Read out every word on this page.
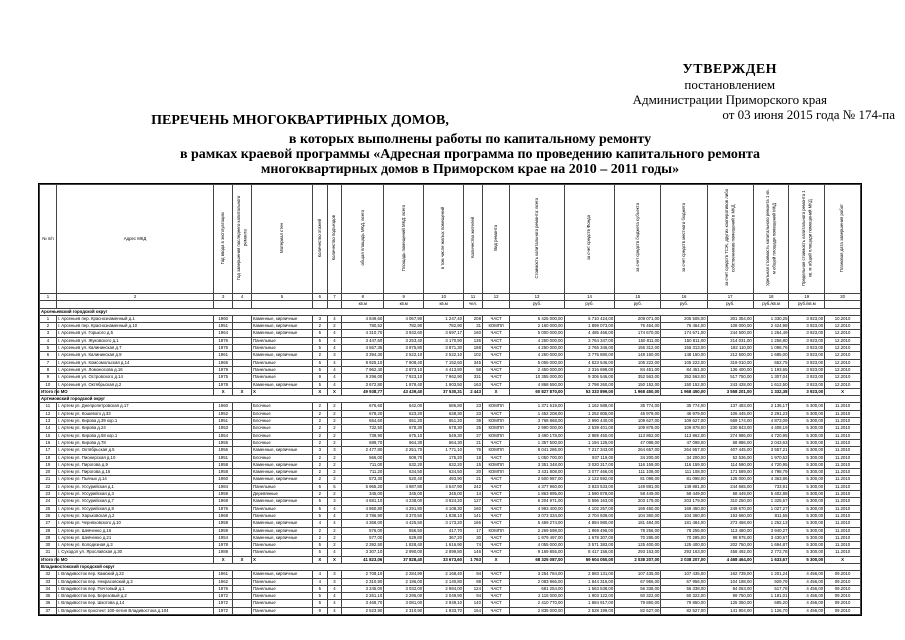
УТВЕРЖДЕН
постановлением
Администрации Приморского края
от 03 июня 2015 года № 174-па
ПЕРЕЧЕНЬ МНОГОКВАРТИРНЫХ ДОМОВ,
в которых выполнены работы по капитальному ремонту
в рамках краевой программы «Адресная программа по проведению капитального ремонта
многоквартирных домов в Приморском крае на 2010 – 2011 годы»
№ п/п	Адрес МКД	Год ввода в эксплуатацию	Год завершения последнего капитального ремонта	Материал стен	Количество этажей	Количество подъездов	общая площадь МКД, всего	Площадь помещений МКД: всего	в том числе жилых помещений	Количество жителей	Вид ремонта	Стоимость капитального ремонта: всего	за счет средств Фонда	за счет средств бюджета субъекта	за счет средств местного бюджета	за счет средств ТСЖ, других кооперативов либо собственников помещений в МКД	Удельная стоимость капитального ремонта 1 кв. м общей площади помещений МКД	Предельная стоимость капитального ремонта 1 кв. м общей площади помещений МКД	Плановая дата завершения работ
1	2	3	4	5	6	7	8	9	10	11	12	13	14	15	16	17	18	19	20
							кв.м	кв.м	кв.м	чел.		руб.	руб.	руб.	руб.	руб.	руб./кв.м	руб./кв.м	
Арсеньевский городской округ																			
1	г. Арсеньев пер. Краснознаменный д.1	1960		Каменные, кирпичные	3	4	4 849,60	4 067,90	1 247,40	208	ЧАСТ	6 425 000,00	5 710 424,00	209 071,00	205 505,00	301 354,00	1 330,25	3 923,00	10.2010
2	г. Арсеньев пер. Краснознаменный д.10	1951		Каменные, кирпичные	2	2	780,52	782,90	782,90	31	КОМПЛ	2 160 000,00	1 899 073,00	76 464,00	76 464,00	108 000,00	2 424,98	3 923,00	12.2010
3	г. Арсеньев ул. Горького д.5	1964		Каменные, кирпичные	5	4	4 310,70	3 932,60	3 697,17	160	ЧАСТ	5 000 000,00	4 485 466,00	174 670,00	174 671,00	244 500,00	1 264,49	3 923,00	12.2010
4	г. Арсеньев ул. Жуковского д.1	1976		Панельные	5	4	3 447,60	3 253,40	3 170,90	136	ЧАСТ	4 250 000,00	3 764 347,00	150 811,00	150 811,00	214 031,00	1 256,80	3 923,00	12.2010
5	г. Арсеньев ул. Калининская д.7	1975		Панельные	5	4	4 557,35	3 875,80	3 871,30	188	ЧАСТ	4 250 000,00	3 765 346,00	155 312,00	155 313,00	182 110,00	1 096,76	3 923,00	12.2010
6	г. Арсеньев ул. Калининская д.9	1961		Каменные, кирпичные	2	3	3 394,30	2 522,10	2 522,10	102	ЧАСТ	4 250 000,00	3 775 880,00	148 150,00	148 150,00	212 500,00	1 685,00	3 923,00	12.2010
7	г. Арсеньев ул. Комсомольская д.14	1966		Панельные	5	4	8 925,10	7 808,40	7 152,60	345	ЧАСТ	5 055 000,00	4 523 546,00	105 222,00	105 222,00	319 010,00	652,75	3 923,00	12.2010
8	г. Арсеньев ул. Ломоносова д.16	1979		Панельные	5	4	7 962,40	2 873,10	4 413,80	58	ЧАСТ	2 450 000,00	2 316 699,00	84 451,00	84 451,00	136 400,00	1 193,65	3 923,00	12.2010
9	г. Арсеньев ул. Островского д.14	1975		Панельные	9	4	9 296,00	7 923,10	7 962,90	331	ЧАСТ	10 355 000,00	9 306 546,00	352 563,00	352 563,00	517 750,00	1 307,04	3 923,00	12.2010
10	г. Арсеньев ул. Октябрьская д.2	1978		Каменные, кирпичные	5	4	3 672,80	1 878,40	1 903,50	163	ЧАСТ	4 868 550,00	2 798 260,00	150 152,00	150 152,00	243 428,00	1 612,50	3 923,00	12.2010
Итого по МО		X	X	X	X	X	49 938,77	43 439,40	37 530,31	2 443	X	60 827 870,00	53 333 899,00	1 968 450,00	1 968 450,00	3 558 201,00	1 332,38	3 923,00	X
Артемовский городской округ																			
11	г. Артем ул. Днепропетровская д.17	1960		Блочные	2	2	676,60	642,00	586,80	23	КОМПЛ	1 371 619,00	1 162 588,00	35 774,00	35 774,00	137 483,00	2 136,17	5 300,00	11.2010
12	г. Артем ул. Кошевого д.33	1952		Блочные	2	2	678,20	623,20	638,30	23	ЧАСТ	1 452 208,00	1 252 805,00	46 979,00	46 979,00	106 445,00	2 291,23	5 300,00	11.2010
13	г. Артем ул. Кирова д.39 кор.1	1951		Блочные	2	2	654,60	651,20	651,20	39	КОМПЛ	3 768 868,00	2 990 440,00	109 627,00	109 627,00	569 174,00	4 873,09	5 300,00	11.2010
14	г. Артем ул. Кирова д.24	1953		Блочные	2	2	732,50	678,30	678,30	25	КОМПЛ	2 990 000,00	2 539 401,00	109 878,00	109 878,00	230 843,00	4 408,19	5 300,00	11.2010
15	г. Артем ул. Кирова д.58 кор.1	1954		Блочные	2	2	739,90	675,10	549,30	27	КОМПЛ	3 490 178,00	2 989 450,00	113 862,00	113 862,00	274 986,00	4 720,95	5 300,00	11.2010
16	г. Артем ул. Кирова д.78	1955		Блочные	2	2	689,70	664,30	664,30	21	ЧАСТ	1 357 500,00	1 194 125,00	47 098,00	47 098,00	68 886,00	2 043,63	5 300,00	11.2010
17	г. Артем ул. Октябрьская д.5	1956		Каменные, кирпичные	3	3	2 477,80	2 251,70	1 771,10	76	КОМПЛ	8 041 286,00	7 217 343,00	264 657,00	264 657,00	407 445,00	3 557,21	5 300,00	11.2010
18	г. Артем ул. Пионерская д.10	1951		Блочные	2	2	566,00	509,70	175,20	18	ЧАСТ	1 050 700,00	937 119,00	34 200,00	34 200,00	52 536,00	1 970,52	5 300,00	11.2010
19	г. Артем ул. Пирогова д.9	1958		Каменные, кирпичные	2	2	711,00	632,20	632,20	15	КОМПЛ	3 351 348,00	3 020 317,00	116 159,00	116 159,00	114 590,00	4 720,95	5 300,00	11.2010
20	г. Артем ул. Пирогова д.16	1958		Каменные, кирпичные	2	2	711,20	634,50	634,50	20	КОМПЛ	3 431 808,00	3 077 466,00	111 108,00	111 108,00	171 589,00	4 798,79	5 300,00	11.2010
21	г. Артем ул. Пьяных д.14	1960		Каменные, кирпичные	2	2	573,30	520,40	493,90	21	ЧАСТ	2 500 987,00	2 122 592,00	81 098,00	81 098,00	125 000,00	4 363,86	5 300,00	11.2010
22	г. Артем ул. Уссурийская д.1	1984		Панельные	5	5	5 965,20	4 987,80	4 547,90	242	ЧАСТ	4 377 960,00	3 833 533,00	149 881,00	149 881,00	244 665,00	733,91	5 300,00	11.2010
23	г. Артем ул. Уссурийская д.3	1959		Деревянные	2	2	345,00	345,00	345,00	14	ЧАСТ	1 863 995,00	1 590 878,00	58 449,00	58 449,00	58 449,00	5 402,88	5 300,00	11.2010
24	г. Артем ул. Уссурийская д.7	1968		Каменные, кирпичные	5	3	4 681,10	4 238,00	3 924,20	127	ЧАСТ	6 204 971,00	5 596 163,00	203 179,00	203 179,00	310 250,00	1 325,57	5 300,00	11.2010
25	г. Артем ул. Уссурийская д.9	1976		Панельные	5	4	4 860,80	4 291,80	4 108,30	160	ЧАСТ	4 993 400,00	4 102 257,00	169 450,00	169 450,00	249 670,00	1 027,27	5 300,00	11.2010
26	г. Артем ул. Харьковская д.2	1968		Панельные	5	4	3 786,90	3 370,50	1 838,10	141	ЧАСТ	3 073 334,00	2 704 939,00	104 360,00	104 360,00	153 660,00	811,55	5 300,00	11.2010
27	г. Артем ул. Черняховского д.10	1958		Каменные, кирпичные	4	4	4 368,00	4 425,50	3 173,20	166	ЧАСТ	5 469 274,00	4 894 980,00	181 484,00	181 484,00	273 468,00	1 252,13	5 300,00	11.2010
28	г. Артем ул. Шевченко д.16	1959		Каменные, кирпичные	2	2	576,00	556,50	417,70	17	КОМПЛ	2 269 598,00	1 969 496,00	78 256,00	78 256,00	113 480,00	3 940,27	5 300,00	11.2010
29	г. Артем ул. Шевченко д.21	1954		Каменные, кирпичные	2	2	577,00	529,80	367,20	30	ЧАСТ	1 979 497,00	1 678 307,00	70 285,00	70 285,00	98 975,00	3 430,67	5 300,00	11.2010
30	г. Артем ул. Колодезная д.3	1978		Панельные	5	2	2 392,50	1 828,40	1 616,90	74	ЧАСТ	4 055 000,00	3 571 383,00	125 400,00	125 400,00	202 750,00	1 694,87	5 300,00	11.2010
31	г. Суходол ул. Ярославская д.30	1989		Панельные	5	4	3 307,10	2 990,00	2 899,80	146	ЧАСТ	9 169 855,00	8 417 156,00	293 163,00	293 163,00	458 492,00	2 772,78	5 300,00	11.2010
Итого по МО		X	X	X	X	X	41 823,06	37 828,40	33 673,60	1 763	X	68 325 087,00	59 604 050,00	2 038 207,00	2 038 207,00	4 468 464,00	1 633,67	5 300,00	X
Владивостокский городской округ																			
32	г. Владивосток пер. Камский д.22	1961		Каменные, кирпичные	4	3	2 708,10	2 284,90	2 168,40	94	ЧАСТ	3 254 784,00	2 883 131,00	107 435,00	107 435,00	162 739,00	1 201,24	4 456,00	09.2010
33	г. Владивосток пер. Некрасовский д.3	1962		Панельные	4	3	2 310,90	2 196,00	2 140,80	88	ЧАСТ	2 083 966,00	1 844 316,00	67 956,00	67 956,00	104 198,00	929,79	4 456,00	09.2010
34	г. Владивосток пер. Почтовый д.1	1976		Панельные	5	4	3 245,00	3 032,00	2 984,00	124	ЧАСТ	681 254,00	1 563 538,00	56 338,00	56 338,00	84 063,00	517,78	4 456,00	09.2010
35	г. Владивосток пер. Березовый д.2	1972		Панельные	5	4	2 261,10	2 295,00	2 049,90	94	ЧАСТ	2 115 000,00	1 903 122,00	60 322,00	60 322,00	99 750,00	1 181,01	4 456,00	09.2010
36	г. Владивосток пер. Шкотова д.14	1972		Панельные	5	4	3 468,70	3 081,00	2 949,10	140	ЧАСТ	2 410 770,00	1 884 917,00	79 850,00	79 850,00	125 350,00	695,20	4 456,00	09.2010
37	г. Владивосток проспект 100-летия Владивостока д.104	1972		Панельные	9	4	2 523,90	2 310,90	1 933,70	164	ЧАСТ	2 835 000,00	2 528 199,00	82 527,00	82 527,00	141 804,00	1 126,70	4 456,00	09.2010
